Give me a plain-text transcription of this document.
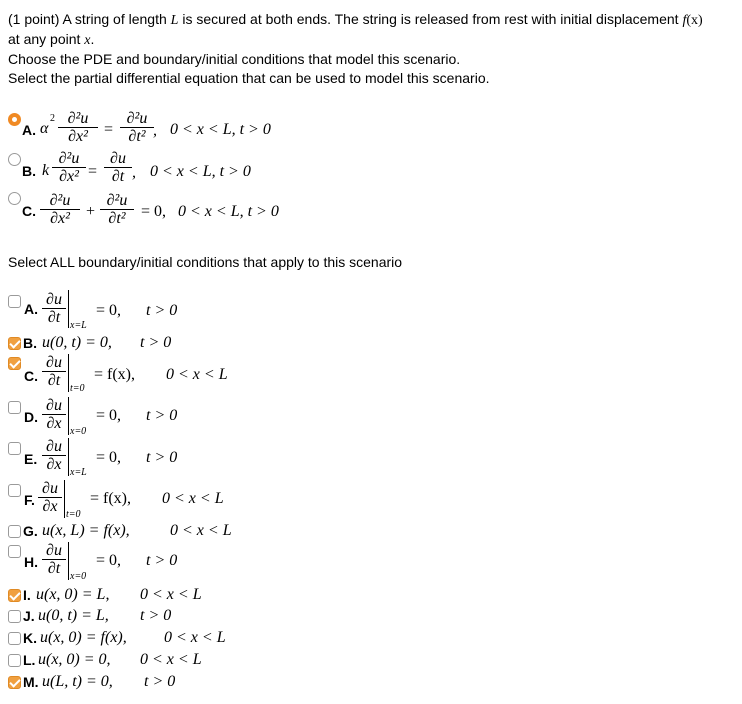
(1 point) A string of length L is secured at both ends. The string is released from rest with initial displacement f(x)
at any point x.
Choose the PDE and boundary/initial conditions that model this scenario.
Select the partial differential equation that can be used to model this scenario.
A. α
2 ∂²u
∂x²	=
∂²u
∂t² , 0 < x < L, t > 0
B. k
∂²u
∂x² =
∂u
∂t , 0 < x < L, t > 0
C.
∂²u
∂x²	+
∂²u
∂t² = 0, 0 < x < L, t > 0
Select ALL boundary/initial conditions that apply to this scenario
A.
∂u
∂t x=L
= 0, t > 0
B. u(0, t) = 0, t > 0
C.
∂u
∂t t=0
= f(x), 0 < x < L
D.
∂u
∂x x=0
= 0, t > 0
E.
∂u
∂x x=L
= 0, t > 0
F.
∂u
∂x t=0
= f(x), 0 < x < L
G. u(x, L) = f(x),	0 < x < L
H.
∂u
∂t x=0
= 0, t > 0
I. u(x, 0) = L, 0 < x < L
J. u(0, t) = L, t > 0
K. u(x, 0) = f(x), 0 < x < L
L. u(x, 0) = 0, 0 < x < L
M. u(L, t) = 0, t > 0
